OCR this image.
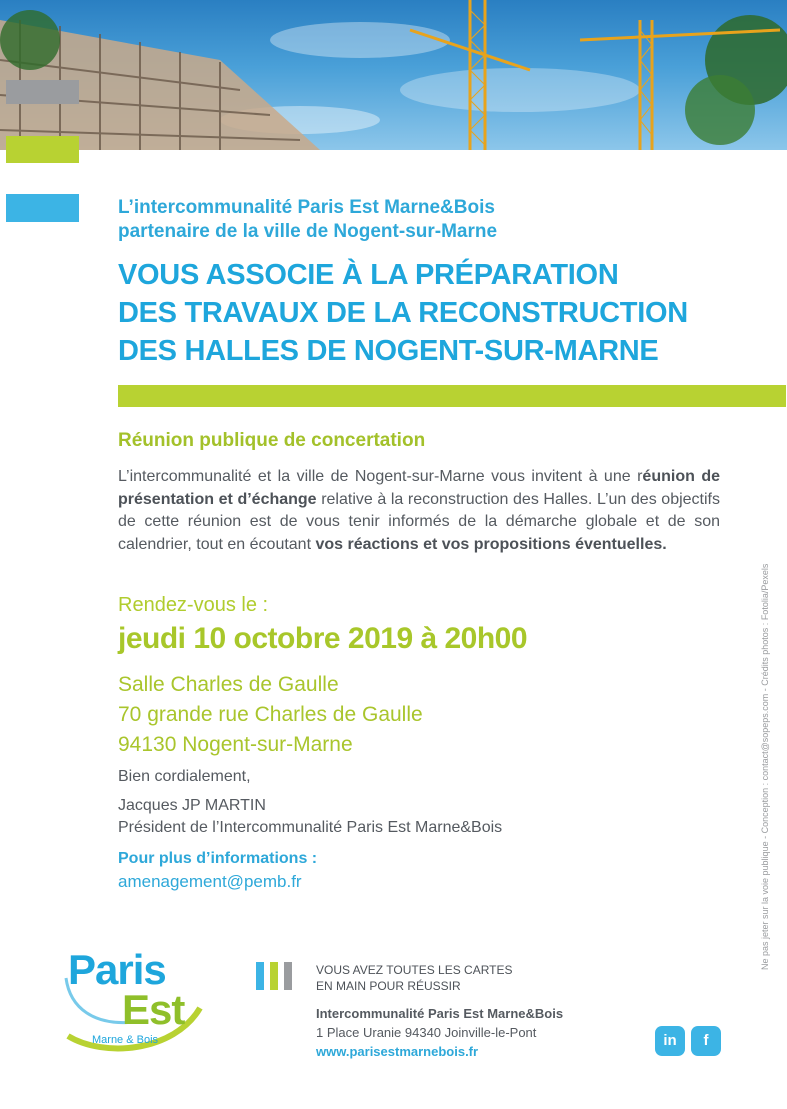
L’intercommunalité Paris Est Marne&Bois
partenaire de la ville de Nogent-sur-Marne
VOUS ASSOCIE À LA PRÉPARATION
DES TRAVAUX DE LA RECONSTRUCTION
DES HALLES DE NOGENT-SUR-MARNE
Réunion publique de concertation
L’intercommunalité et la ville de Nogent-sur-Marne vous invitent à une réunion de présentation et d’échange relative à la reconstruction des Halles. L’un des objectifs de cette réunion est de vous tenir informés de la démarche globale et de son calendrier, tout en écoutant vos réactions et vos propositions éventuelles.
Rendez-vous le :
jeudi 10 octobre 2019 à 20h00
Salle Charles de Gaulle
70 grande rue Charles de Gaulle
94130 Nogent-sur-Marne
Bien cordialement,
Jacques JP MARTIN
Président de l’Intercommunalité Paris Est Marne&Bois
Pour plus d’informations :
amenagement@pemb.fr	Ne pas jeter sur la voie publique - Conception : contact@sopeps.com - Crédits photos : Fotolia/Pexels
Paris
Est
Marne & Bois
VOUS AVEZ TOUTES LES CARTES
EN MAIN POUR RÉUSSIR
Intercommunalité Paris Est Marne&Bois
1 Place Uranie 94340 Joinville-le-Pont
www.parisestmarnebois.fr
in	f
